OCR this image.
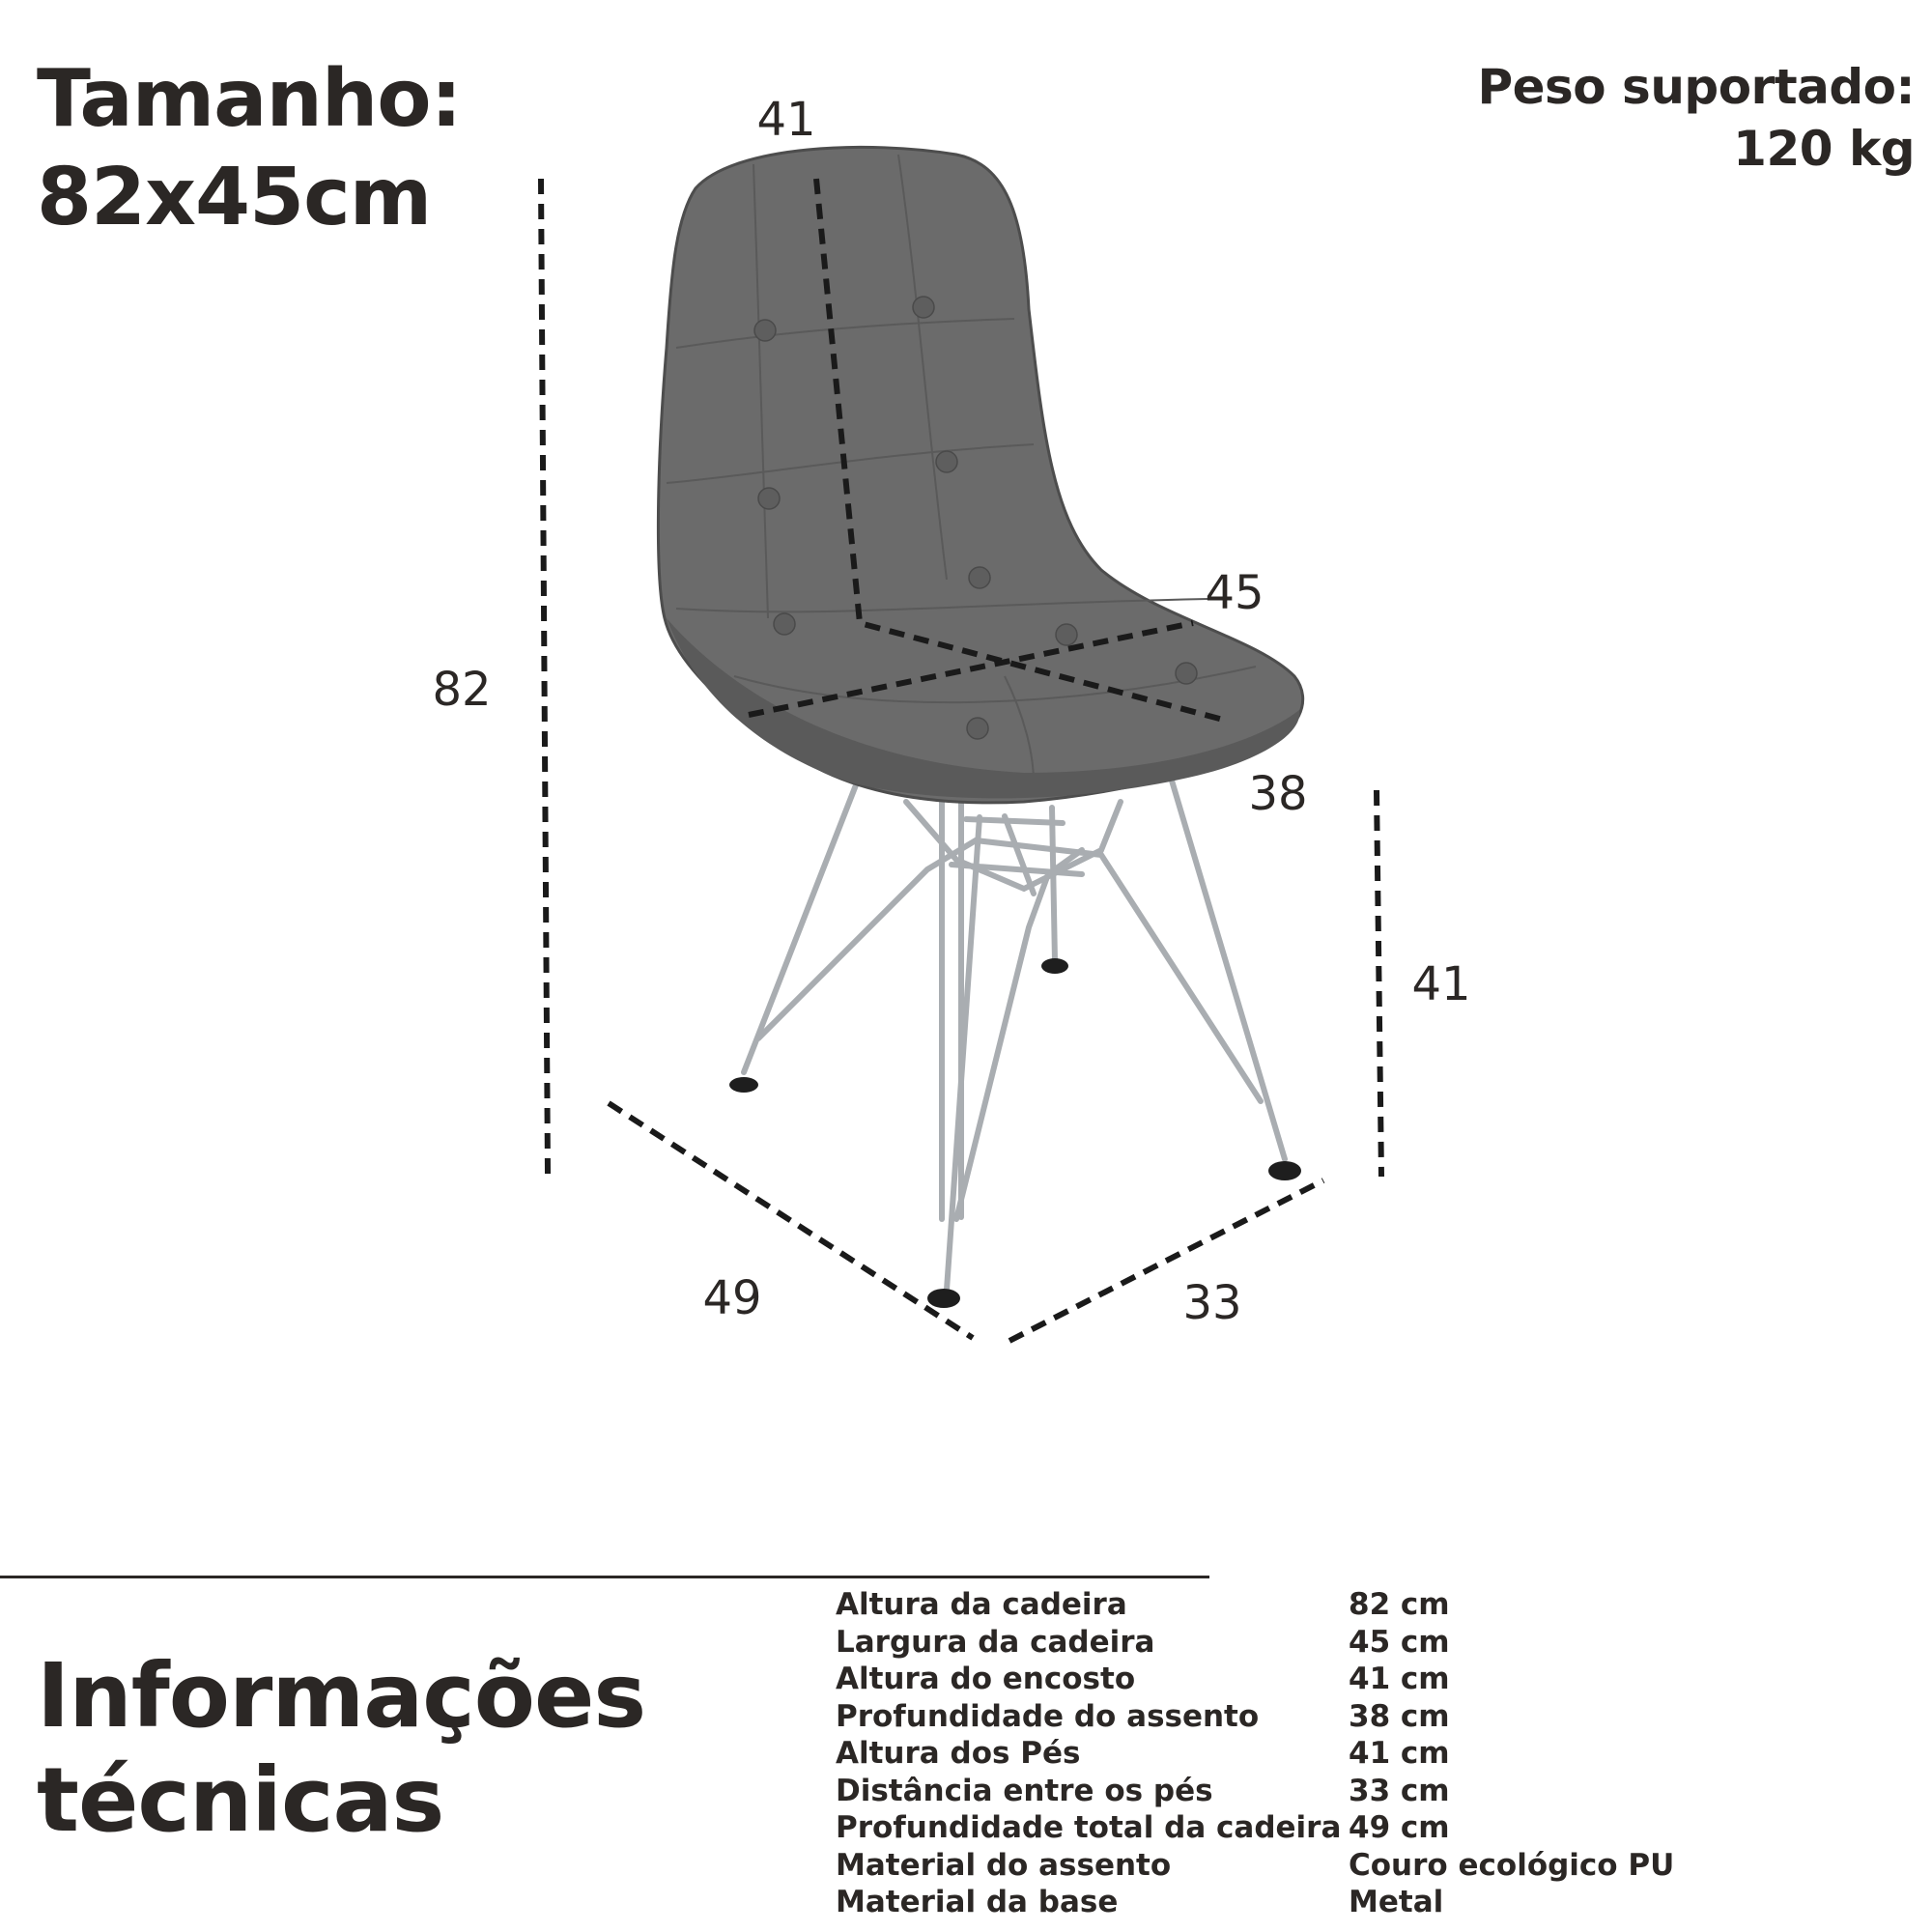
Tamanho:
82x45cm
Peso suportado:
120 kg
41
82
45
38
41
49	33
Informações
técnicas
Altura da cadeira	82 cm
Largura da cadeira	45 cm
Altura do encosto	41 cm
Profundidade do assento	38 cm
Altura dos Pés	41 cm
Distância entre os pés	33 cm
Profundidade total da cadeira 49 cm
Material do assento	Couro ecológico PU
Material da base	Metal
